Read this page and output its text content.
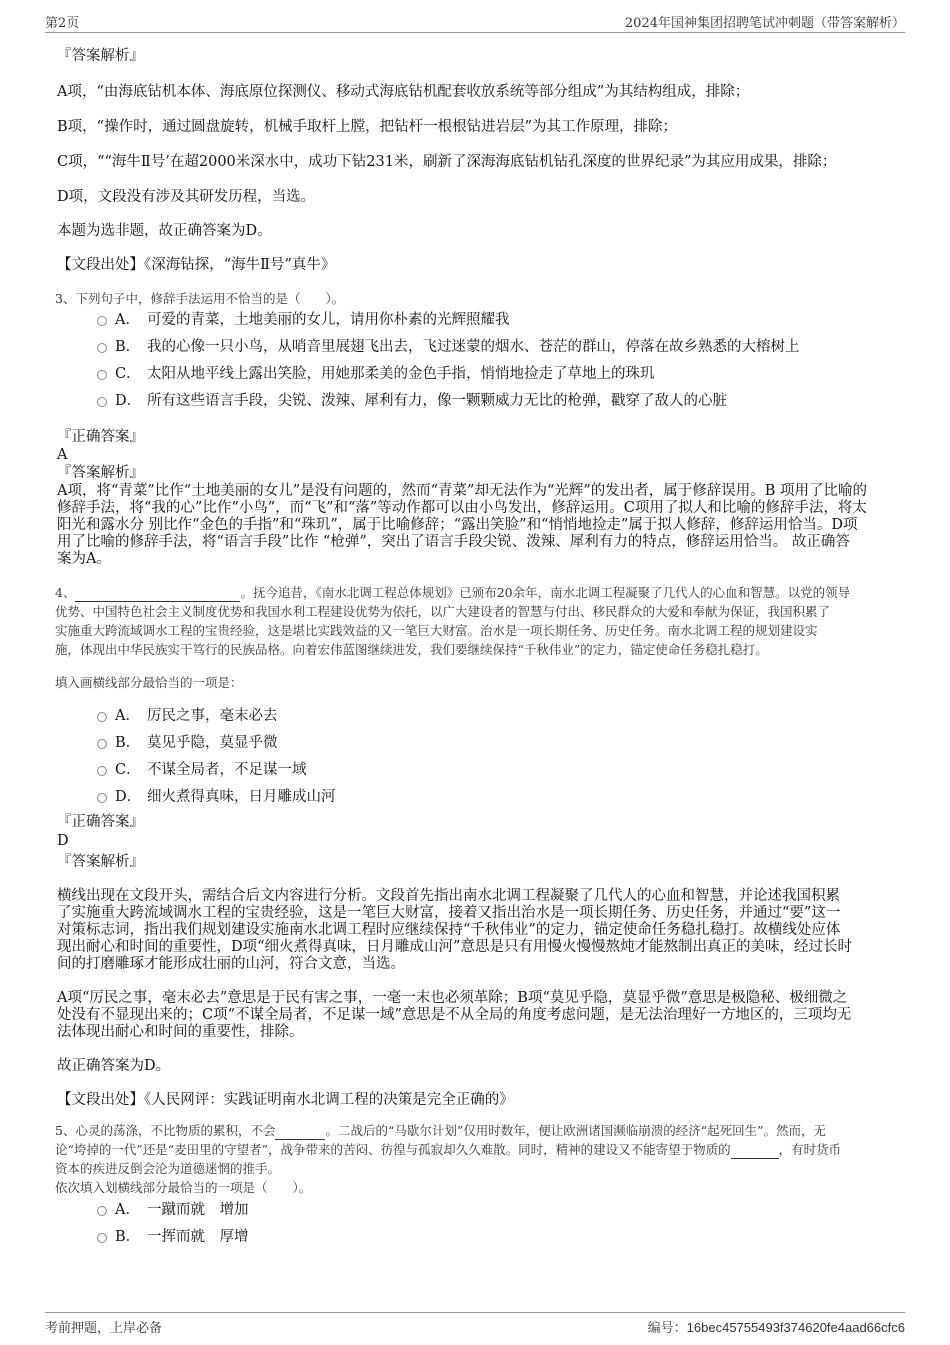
第2页	2024年国神集团招聘笔试冲刺题（带答案解析）

『答案解析』

A项，“由海底钻机本体、海底原位探测仪、移动式海底钻机配套收放系统等部分组成”为其结构组成，排除；

B项，“操作时，通过圆盘旋转，机械手取杆上膛，把钻杆一根根钻进岩层”为其工作原理，排除；

C项，““海牛Ⅱ号’在超2000米深水中，成功下钻231米，刷新了深海海底钻机钻孔深度的世界纪录”为其应用成果，排除；

D项，文段没有涉及其研发历程，当选。

本题为选非题，故正确答案为D。

【文段出处】《深海钻探，“海牛Ⅱ号”真牛》

3、下列句子中，修辞手法运用不恰当的是（　　）。

A． 可爱的青菜，土地美丽的女儿，请用你朴素的光辉照耀我
B． 我的心像一只小鸟，从哨音里展翅飞出去，飞过迷蒙的烟水、苍茫的群山，停落在故乡熟悉的大榕树上
C． 太阳从地平线上露出笑脸，用她那柔美的金色手指，悄悄地捡走了草地上的珠玑
D． 所有这些语言手段，尖锐、泼辣、犀利有力，像一颗颗威力无比的枪弹，戳穿了敌人的心脏

『正确答案』

A

『答案解析』

A项，将“青菜”比作“土地美丽的女儿”是没有问题的，然而“青菜”却无法作为“光辉”的发出者，属于修辞误用。B 项用了比喻的

修辞手法，将“我的心”比作“小鸟”，而“飞”和“落”等动作都可以由小鸟发出，修辞运用。C项用了拟人和比喻的修辞手法，将太

阳光和露水分 别比作“金色的手指”和“珠玑”，属于比喻修辞；“露出笑脸”和“悄悄地捡走”属于拟人修辞，修辞运用恰当。D项

用了比喻的修辞手法，将“语言手段”比作 “枪弹”，突出了语言手段尖锐、泼辣、犀利有力的特点，修辞运用恰当。 故正确答

案为A。

4、	。抚今追昔，《南水北调工程总体规划》已颁布20余年，南水北调工程凝聚了几代人的心血和智慧。以党的领导

优势、中国特色社会主义制度优势和我国水利工程建设优势为依托，以广大建设者的智慧与付出、移民群众的大爱和奉献为保证，我国积累了

实施重大跨流域调水工程的宝贵经验，这是堪比实践效益的又一笔巨大财富。治水是一项长期任务、历史任务。南水北调工程的规划建设实

施，体现出中华民族实干笃行的民族品格。向着宏伟蓝图继续进发，我们要继续保持“千秋伟业”的定力，锚定使命任务稳扎稳打。

填入画横线部分最恰当的一项是：

A． 厉民之事，毫末必去
B． 莫见乎隐，莫显乎微
C． 不谋全局者，不足谋一域
D． 细火煮得真味，日月雕成山河

『正确答案』

D

『答案解析』

横线出现在文段开头，需结合后文内容进行分析。文段首先指出南水北调工程凝聚了几代人的心血和智慧，并论述我国积累

了实施重大跨流域调水工程的宝贵经验，这是一笔巨大财富，接着又指出治水是一项长期任务、历史任务，并通过“要”这一

对策标志词，指出我们规划建设实施南水北调工程时应继续保持“千秋伟业”的定力，锚定使命任务稳扎稳打。故横线处应体

现出耐心和时间的重要性，D项“细火煮得真味，日月雕成山河”意思是只有用慢火慢慢熬炖才能熬制出真正的美味，经过长时

间的打磨雕琢才能形成壮丽的山河，符合文意，当选。

A项“厉民之事，毫末必去”意思是于民有害之事，一毫一末也必须革除；B项“莫见乎隐，莫显乎微”意思是极隐秘、极细微之

处没有不显现出来的；C项“不谋全局者，不足谋一域”意思是不从全局的角度考虑问题，是无法治理好一方地区的，三项均无

法体现出耐心和时间的重要性，排除。

故正确答案为D。

【文段出处】《人民网评：实践证明南水北调工程的决策是完全正确的》

5、心灵的荡涤，不比物质的累积，不会	。二战后的“马歇尔计划”仅用时数年，便让欧洲诸国濒临崩溃的经济“起死回生”。然而，无

论“垮掉的一代”还是“麦田里的守望者”，战争带来的苦闷、彷徨与孤寂却久久难散。同时，精神的建设又不能寄望于物质的	，有时货币

资本的疾进反倒会沦为道德迷惘的推手。

依次填入划横线部分最恰当的一项是（　　）。

A． 一蹴而就　增加
B． 一挥而就　厚增
考前押题，上岸必备	编号：16bec45755493f374620fe4aad66cfc6
